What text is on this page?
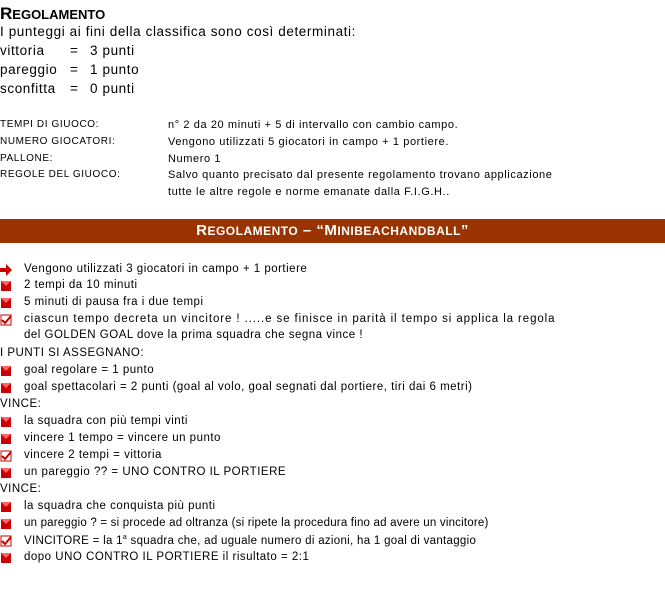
REGOLAMENTO
I punteggi ai fini della classifica sono così determinati:
vittoria = 3 punti
pareggio = 1 punto
sconfitta = 0 punti
TEMPI DI GIUOCO:	n° 2 da 20 minuti + 5 di intervallo con cambio campo.
NUMERO GIOCATORI:	Vengono utilizzati 5 giocatori in campo + 1 portiere.
PALLONE:	Numero 1
REGOLE DEL GIUOCO:	Salvo quanto precisato dal presente regolamento trovano applicazione
tutte le altre regole e norme emanate dalla F.I.G.H..
REGOLAMENTO – “MINIBEACHANDBALL”
Vengono utilizzati 3 giocatori in campo + 1 portiere
2 tempi da 10 minuti
5 minuti di pausa fra i due tempi
ciascun tempo decreta un vincitore ! .....e se finisce in parità il tempo si applica la regola
del GOLDEN GOAL dove la prima squadra che segna vince !
I PUNTI SI ASSEGNANO:
goal regolare = 1 punto
goal spettacolari = 2 punti (goal al volo, goal segnati dal portiere, tiri dai 6 metri)
VINCE:
la squadra con più tempi vinti
vincere 1 tempo = vincere un punto
vincere 2 tempi = vittoria
un pareggio ?? = UNO CONTRO IL PORTIERE
VINCE:
la squadra che conquista più punti
un pareggio ? = si procede ad oltranza (si ripete la procedura fino ad avere un vincitore)
VINCITORE = la 1$^a$ squadra che, ad uguale numero di azioni, ha 1 goal di vantaggio
dopo UNO CONTRO IL PORTIERE il risultato = 2:1
